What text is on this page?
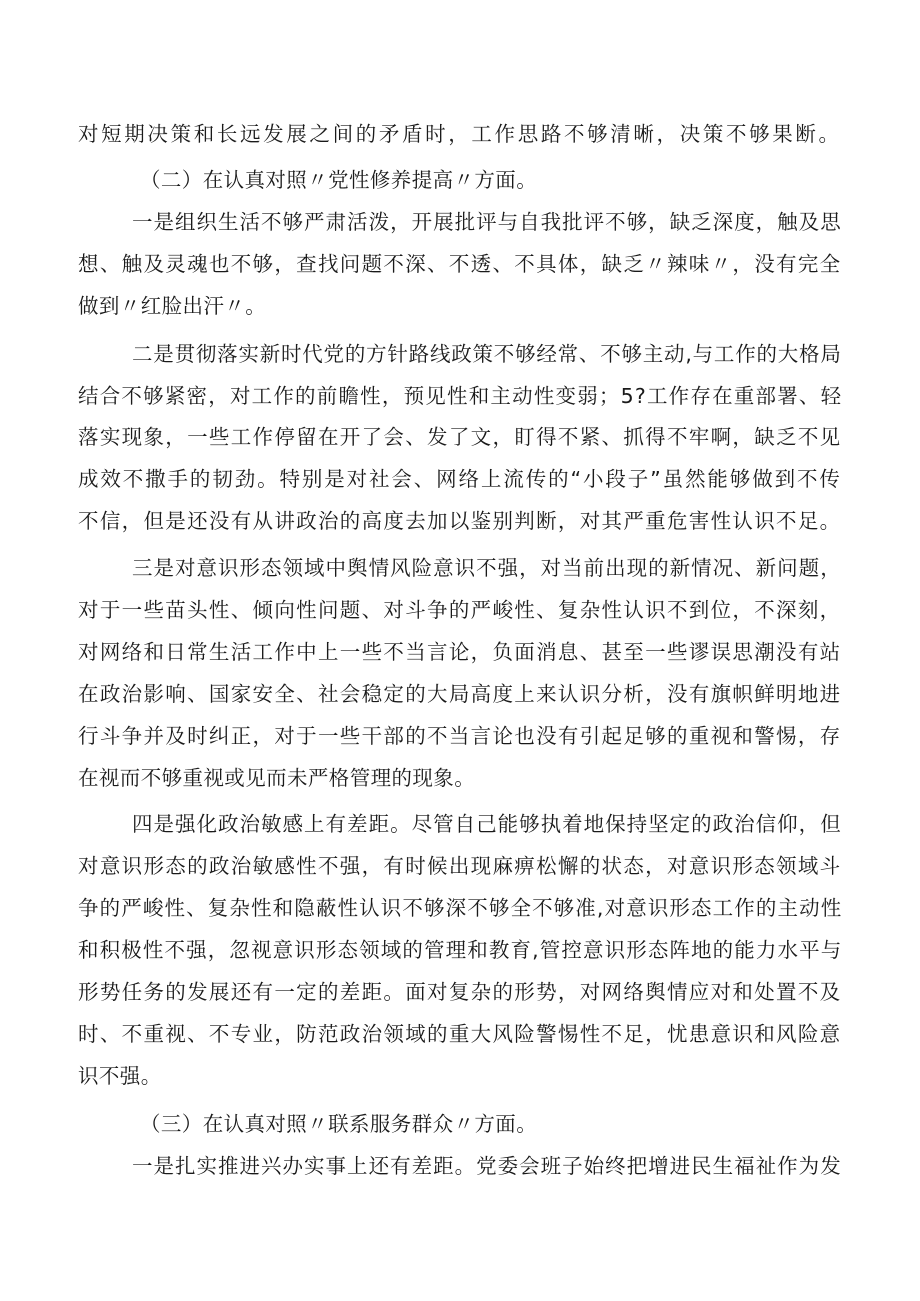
对短期决策和长远发展之间的矛盾时，工作思路不够清晰，决策不够果断。
（二）在认真对照〃党性修养提高〃方面。
一是组织生活不够严肃活泼，开展批评与自我批评不够，缺乏深度，触及思
想、触及灵魂也不够，查找问题不深、不透、不具体，缺乏〃辣味〃，没有完全
做到〃红脸出汗〃。
二是贯彻落实新时代党的方针路线政策不够经常、不够主动,与工作的大格局
结合不够紧密，对工作的前瞻性，预见性和主动性变弱；5?工作存在重部署、轻
落实现象，一些工作停留在开了会、发了文，盯得不紧、抓得不牢啊，缺乏不见
成效不撒手的韧劲。特别是对社会、网络上流传的“小段子”虽然能够做到不传
不信，但是还没有从讲政治的高度去加以鉴别判断，对其严重危害性认识不足。
三是对意识形态领域中舆情风险意识不强，对当前出现的新情况、新问题，
对于一些苗头性、倾向性问题、对斗争的严峻性、复杂性认识不到位，不深刻，
对网络和日常生活工作中上一些不当言论，负面消息、甚至一些谬误思潮没有站
在政治影响、国家安全、社会稳定的大局高度上来认识分析，没有旗帜鲜明地进
行斗争并及时纠正，对于一些干部的不当言论也没有引起足够的重视和警惕，存
在视而不够重视或见而未严格管理的现象。
四是强化政治敏感上有差距。尽管自己能够执着地保持坚定的政治信仰，但
对意识形态的政治敏感性不强，有时候出现麻痹松懈的状态，对意识形态领域斗
争的严峻性、复杂性和隐蔽性认识不够深不够全不够准,对意识形态工作的主动性
和积极性不强，忽视意识形态领域的管理和教育,管控意识形态阵地的能力水平与
形势任务的发展还有一定的差距。面对复杂的形势，对网络舆情应对和处置不及
时、不重视、不专业，防范政治领域的重大风险警惕性不足，忧患意识和风险意
识不强。
（三）在认真对照〃联系服务群众〃方面。
一是扎实推进兴办实事上还有差距。党委会班子始终把增进民生福祉作为发
